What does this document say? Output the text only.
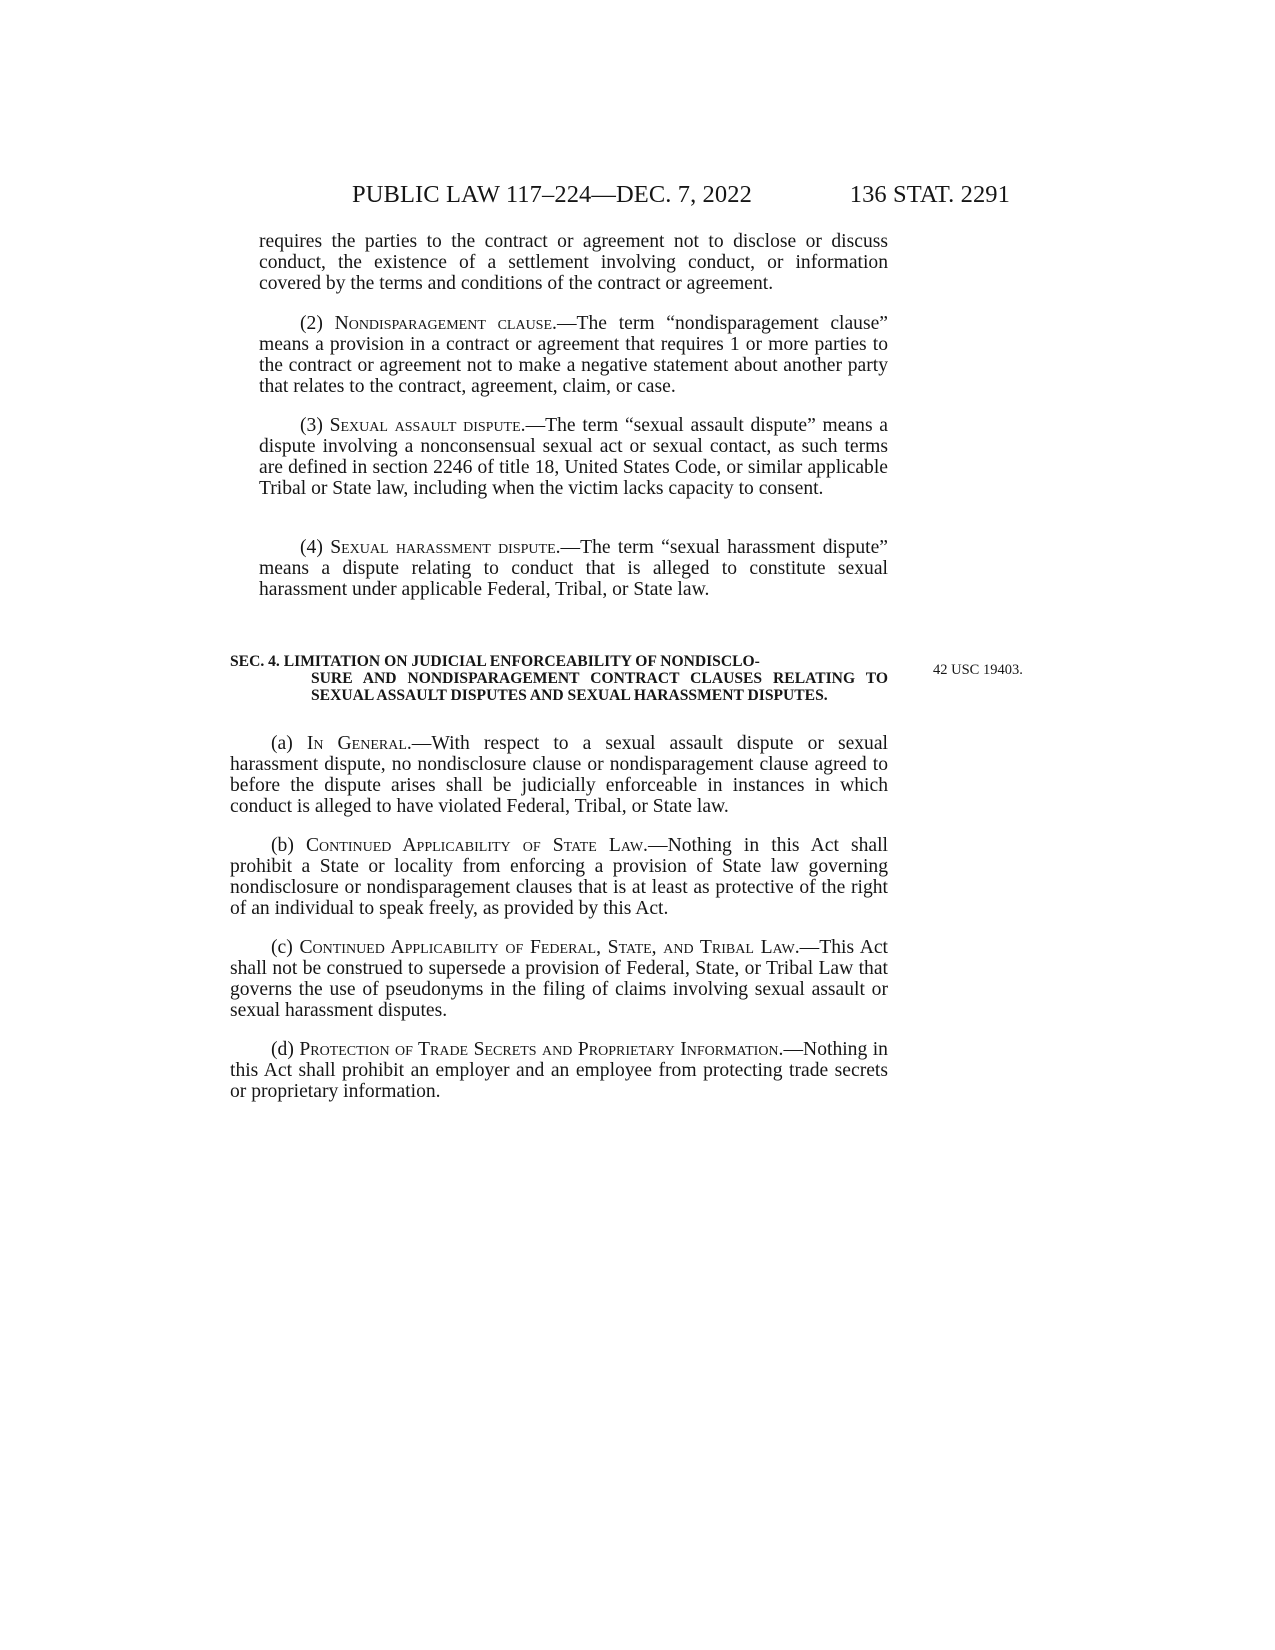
PUBLIC LAW 117–224—DEC. 7, 2022	136 STAT. 2291

requires the parties to the contract or agreement not to disclose or discuss conduct, the existence of a settlement involving conduct, or information covered by the terms and conditions of the contract or agreement.

(2) Nondisparagement clause.—The term “nondisparagement clause” means a provision in a contract or agreement that requires 1 or more parties to the contract or agreement not to make a negative statement about another party that relates to the contract, agreement, claim, or case.

(3) Sexual assault dispute.—The term “sexual assault dispute” means a dispute involving a nonconsensual sexual act or sexual contact, as such terms are defined in section 2246 of title 18, United States Code, or similar applicable Tribal or State law, including when the victim lacks capacity to consent.

(4) Sexual harassment dispute.—The term “sexual harassment dispute” means a dispute relating to conduct that is alleged to constitute sexual harassment under applicable Federal, Tribal, or State law.

SEC. 4. LIMITATION ON JUDICIAL ENFORCEABILITY OF NONDISCLO-
SURE AND NONDISPARAGEMENT CONTRACT CLAUSES RELATING TO SEXUAL ASSAULT DISPUTES AND SEXUAL HARASSMENT DISPUTES.
42 USC 19403.

(a) In General.—With respect to a sexual assault dispute or sexual harassment dispute, no nondisclosure clause or nondisparagement clause agreed to before the dispute arises shall be judicially enforceable in instances in which conduct is alleged to have violated Federal, Tribal, or State law.

(b) Continued Applicability of State Law.—Nothing in this Act shall prohibit a State or locality from enforcing a provision of State law governing nondisclosure or nondisparagement clauses that is at least as protective of the right of an individual to speak freely, as provided by this Act.

(c) Continued Applicability of Federal, State, and Tribal Law.—This Act shall not be construed to supersede a provision of Federal, State, or Tribal Law that governs the use of pseudonyms in the filing of claims involving sexual assault or sexual harassment disputes.

(d) Protection of Trade Secrets and Proprietary Information.—Nothing in this Act shall prohibit an employer and an employee from protecting trade secrets or proprietary information.
